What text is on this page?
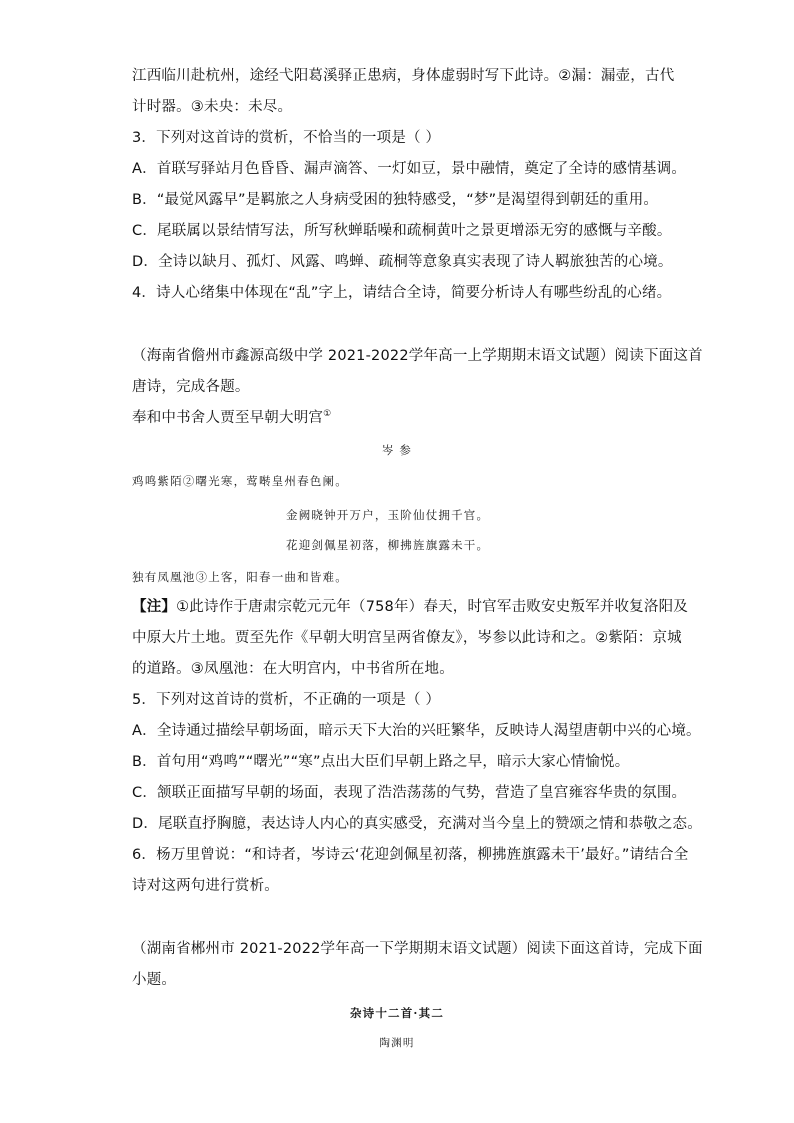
江西临川赴杭州，途经弋阳葛溪驿正患病，身体虚弱时写下此诗。②漏：漏壶，古代
计时器。③未央：未尽。
3．下列对这首诗的赏析，不恰当的一项是（ ）
A．首联写驿站月色昏昏、漏声滴答、一灯如豆，景中融情，奠定了全诗的感情基调。
B．“最觉风露早”是羁旅之人身病受困的独特感受，“梦”是渴望得到朝廷的重用。
C．尾联属以景结情写法，所写秋蝉聒噪和疏桐黄叶之景更增添无穷的感慨与辛酸。
D．全诗以缺月、孤灯、风露、鸣蝉、疏桐等意象真实表现了诗人羁旅独苦的心境。
4．诗人心绪集中体现在“乱”字上，请结合全诗，简要分析诗人有哪些纷乱的心绪。
（海南省儋州市鑫源高级中学 2021-2022学年高一上学期期末语文试题）阅读下面这首
唐诗，完成各题。
奉和中书舍人贾至早朝大明宫①
岑 参
鸡鸣紫陌②曙光寒，莺啭皇州春色阑。
金阙晓钟开万户，玉阶仙仗拥千官。
花迎剑佩星初落，柳拂旌旗露未干。
独有凤凰池③上客，阳春一曲和皆难。
【注】①此诗作于唐肃宗乾元元年（758年）春天，时官军击败安史叛军并收复洛阳及
中原大片土地。贾至先作《早朝大明宫呈两省僚友》，岑参以此诗和之。②紫陌：京城
的道路。③凤凰池：在大明宫内，中书省所在地。
5．下列对这首诗的赏析，不正确的一项是（ ）
A．全诗通过描绘早朝场面，暗示天下大治的兴旺繁华，反映诗人渴望唐朝中兴的心境。
B．首句用“鸡鸣”“曙光”“寒”点出大臣们早朝上路之早，暗示大家心情愉悦。
C．颔联正面描写早朝的场面，表现了浩浩荡荡的气势，营造了皇宫雍容华贵的氛围。
D．尾联直抒胸臆，表达诗人内心的真实感受，充满对当今皇上的赞颂之情和恭敬之态。
6．杨万里曾说：“和诗者，岑诗云‘花迎剑佩星初落，柳拂旌旗露未干’最好。”请结合全
诗对这两句进行赏析。
（湖南省郴州市 2021-2022学年高一下学期期末语文试题）阅读下面这首诗，完成下面
小题。
杂诗十二首·其二
陶渊明
